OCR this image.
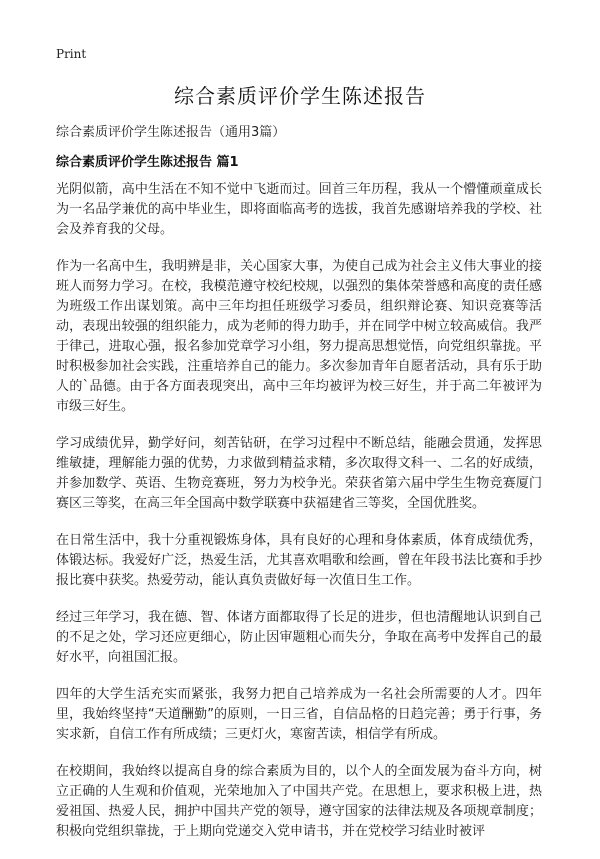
Print
综合素质评价学生陈述报告
综合素质评价学生陈述报告（通用3篇）
综合素质评价学生陈述报告 篇1

光阴似箭，高中生活在不知不觉中飞逝而过。回首三年历程，我从一个懵懂顽童成长为一名品学兼优的高中毕业生，即将面临高考的选拔，我首先感谢培养我的学校、社会及养育我的父母。

作为一名高中生，我明辨是非，关心国家大事，为使自己成为社会主义伟大事业的接班人而努力学习。在校，我模范遵守校纪校规，以强烈的集体荣誉感和高度的责任感为班级工作出谋划策。高中三年均担任班级学习委员，组织辩论赛、知识竞赛等活动，表现出较强的组织能力，成为老师的得力助手，并在同学中树立较高威信。我严于律己，进取心强，报名参加党章学习小组，努力提高思想觉悟，向党组织靠拢。平时积极参加社会实践，注重培养自己的能力。多次参加青年自愿者活动，具有乐于助人的`品德。由于各方面表现突出，高中三年均被评为校三好生，并于高二年被评为市级三好生。

学习成绩优异，勤学好问，刻苦钻研，在学习过程中不断总结，能融会贯通，发挥思维敏捷，理解能力强的优势，力求做到精益求精，多次取得文科一、二名的好成绩，并参加数学、英语、生物竞赛班，努力为校争光。荣获省第六届中学生生物竞赛厦门赛区三等奖，在高三年全国高中数学联赛中获福建省三等奖，全国优胜奖。

在日常生活中，我十分重视锻炼身体，具有良好的心理和身体素质，体育成绩优秀，体锻达标。我爱好广泛，热爱生活，尤其喜欢唱歌和绘画，曾在年段书法比赛和手抄报比赛中获奖。热爱劳动，能认真负责做好每一次值日生工作。

经过三年学习，我在德、智、体诸方面都取得了长足的进步，但也清醒地认识到自己的不足之处，学习还应更细心，防止因审题粗心而失分，争取在高考中发挥自己的最好水平，向祖国汇报。

四年的大学生活充实而紧张，我努力把自己培养成为一名社会所需要的人才。四年里，我始终坚持“天道酬勤”的原则，一日三省，自信品格的日趋完善；勇于行事，务实求新，自信工作有所成绩；三更灯火，寒窗苦读，相信学有所成。

在校期间，我始终以提高自身的综合素质为目的，以个人的全面发展为奋斗方向，树立正确的人生观和价值观，光荣地加入了中国共产党。在思想上，要求积极上进，热爱祖国、热爱人民，拥护中国共产党的领导，遵守国家的法律法规及各项规章制度；积极向党组织靠拢，于上期向党递交入党申请书，并在党校学习结业时被评
